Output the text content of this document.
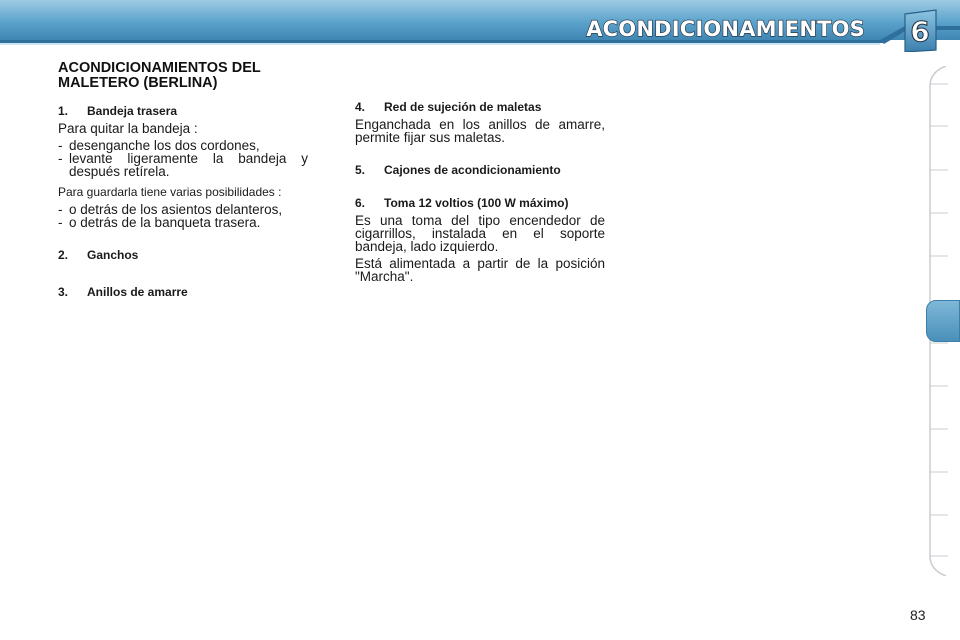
ACONDICIONAMIENTOS 6
ACONDICIONAMIENTOS DEL
MALETERO (BERLINA)
1.	Bandeja trasera
Para quitar la bandeja :
- desenganche los dos cordones,
- levante ligeramente la bandeja y después retírela.
Para guardarla tiene varias posibilidades :
- o detrás de los asientos delanteros,
- o detrás de la banqueta trasera.
2.	Ganchos
3.	Anillos de amarre
4.	Red de sujeción de maletas
Enganchada en los anillos de amarre, permite fijar sus maletas.
5.	Cajones de acondicionamiento
6.	Toma 12 voltios (100 W máximo)
Es una toma del tipo encendedor de cigarrillos, instalada en el soporte bandeja, lado izquierdo.
Está alimentada a partir de la posición "Marcha".
83
